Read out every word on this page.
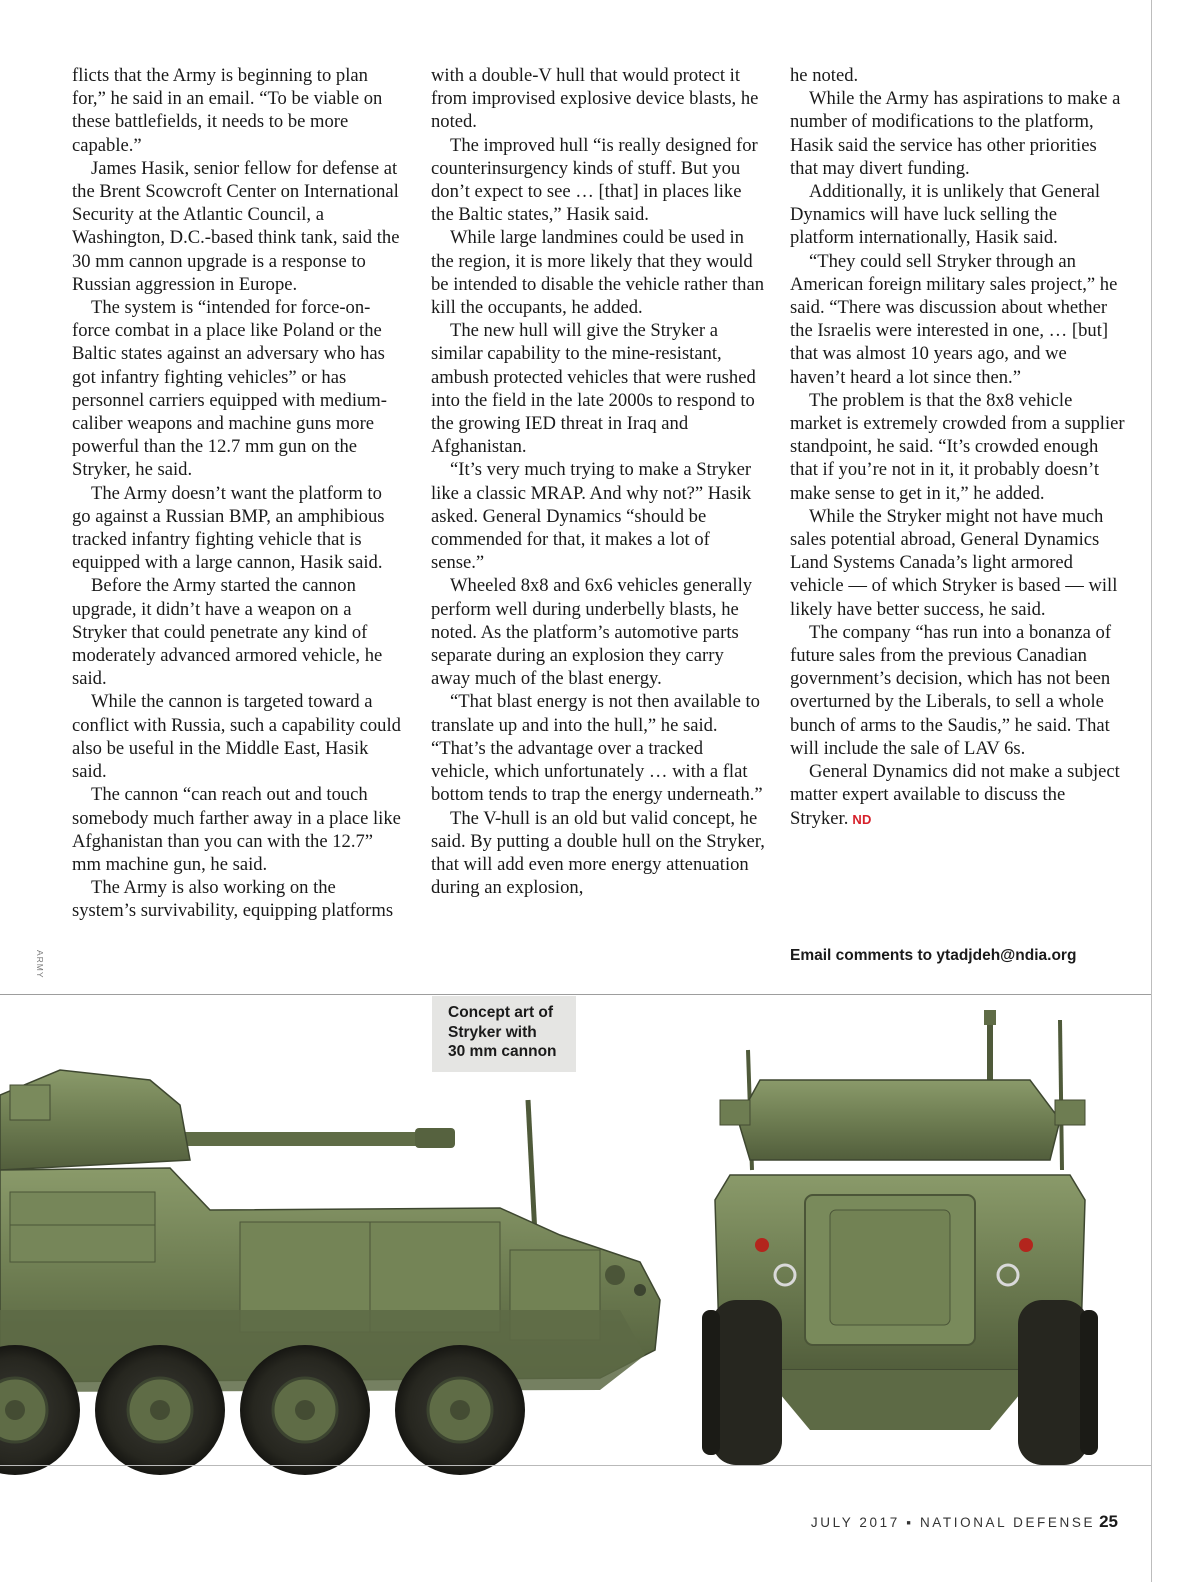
flicts that the Army is beginning to plan for,” he said in an email. “To be viable on these battlefields, it needs to be more capable.”

James Hasik, senior fellow for defense at the Brent Scowcroft Center on International Security at the Atlantic Council, a Washington, D.C.-based think tank, said the 30 mm cannon upgrade is a response to Russian aggression in Europe.

The system is “intended for force-on-force combat in a place like Poland or the Baltic states against an adversary who has got infantry fighting vehicles” or has personnel carriers equipped with medium-caliber weapons and machine guns more powerful than the 12.7 mm gun on the Stryker, he said.

The Army doesn’t want the platform to go against a Russian BMP, an amphibious tracked infantry fighting vehicle that is equipped with a large cannon, Hasik said.

Before the Army started the cannon upgrade, it didn’t have a weapon on a Stryker that could penetrate any kind of moderately advanced armored vehicle, he said.

While the cannon is targeted toward a conflict with Russia, such a capability could also be useful in the Middle East, Hasik said.

The cannon “can reach out and touch somebody much farther away in a place like Afghanistan than you can with the 12.7” mm machine gun, he said.

The Army is also working on the system’s survivability, equipping platforms

with a double-V hull that would protect it from improvised explosive device blasts, he noted.

The improved hull “is really designed for counterinsurgency kinds of stuff. But you don’t expect to see … [that] in places like the Baltic states,” Hasik said.

While large landmines could be used in the region, it is more likely that they would be intended to disable the vehicle rather than kill the occupants, he added.

The new hull will give the Stryker a similar capability to the mine-resistant, ambush protected vehicles that were rushed into the field in the late 2000s to respond to the growing IED threat in Iraq and Afghanistan.

“It’s very much trying to make a Stryker like a classic MRAP. And why not?” Hasik asked. General Dynamics “should be commended for that, it makes a lot of sense.”

Wheeled 8x8 and 6x6 vehicles generally perform well during underbelly blasts, he noted. As the platform’s automotive parts separate during an explosion they carry away much of the blast energy.

“That blast energy is not then available to translate up and into the hull,” he said. “That’s the advantage over a tracked vehicle, which unfortunately … with a flat bottom tends to trap the energy underneath.”

The V-hull is an old but valid concept, he said. By putting a double hull on the Stryker, that will add even more energy attenuation during an explosion,

he noted.

While the Army has aspirations to make a number of modifications to the platform, Hasik said the service has other priorities that may divert funding.

Additionally, it is unlikely that General Dynamics will have luck selling the platform internationally, Hasik said.

“They could sell Stryker through an American foreign military sales project,” he said. “There was discussion about whether the Israelis were interested in one, … [but] that was almost 10 years ago, and we haven’t heard a lot since then.”

The problem is that the 8x8 vehicle market is extremely crowded from a supplier standpoint, he said. “It’s crowded enough that if you’re not in it, it probably doesn’t make sense to get in it,” he added.

While the Stryker might not have much sales potential abroad, General Dynamics Land Systems Canada’s light armored vehicle — of which Stryker is based — will likely have better success, he said.

The company “has run into a bonanza of future sales from the previous Canadian government’s decision, which has not been overturned by the Liberals, to sell a whole bunch of arms to the Saudis,” he said. That will include the sale of LAV 6s.

General Dynamics did not make a subject matter expert available to discuss the Stryker. ND

Email comments to ytadjdeh@ndia.org
ARMY
Concept art of
Stryker with
30 mm cannon
JULY 2017 ▪ NATIONAL DEFENSE 25
